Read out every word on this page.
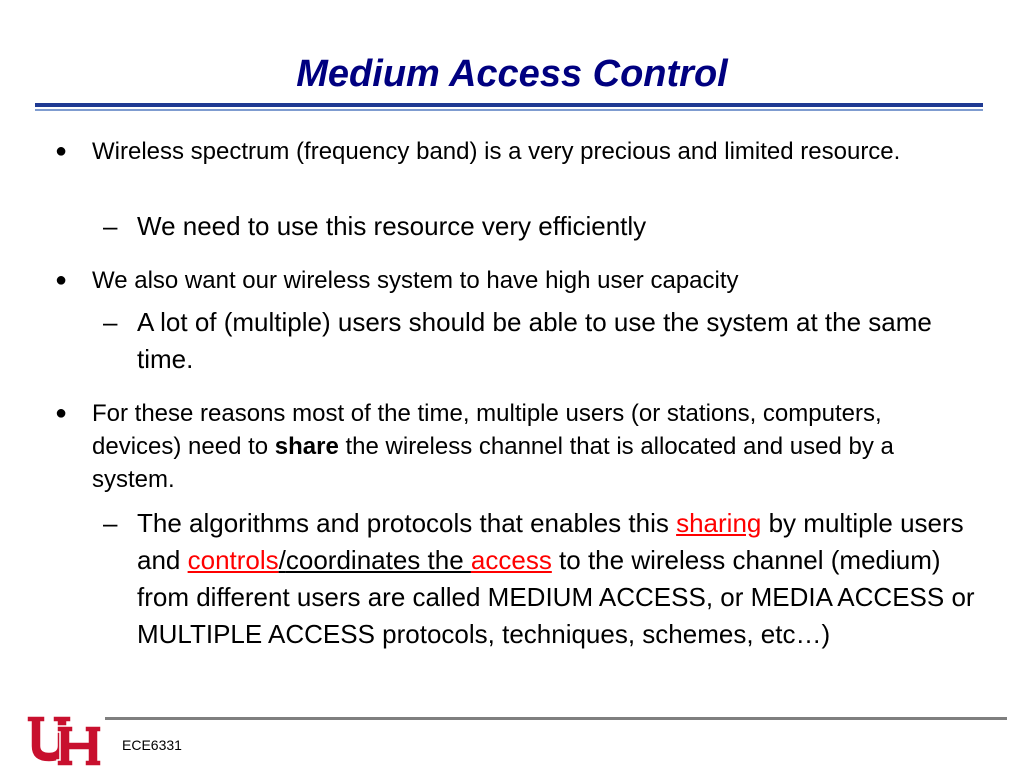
Medium Access Control
● Wireless spectrum (frequency band) is a very precious and limited resource.
– We need to use this resource very efficiently
● We also want our wireless system to have high user capacity
– A lot of (multiple) users should be able to use the system at the same time.
● For these reasons most of the time, multiple users (or stations, computers, devices) need to share the wireless channel that is allocated and used by a system.
– The algorithms and protocols that enables this sharing by multiple users and controls/coordinates the access to the wireless channel (medium) from different users are called MEDIUM ACCESS, or MEDIA ACCESS or MULTIPLE ACCESS protocols, techniques, schemes, etc…)
ECE6331
